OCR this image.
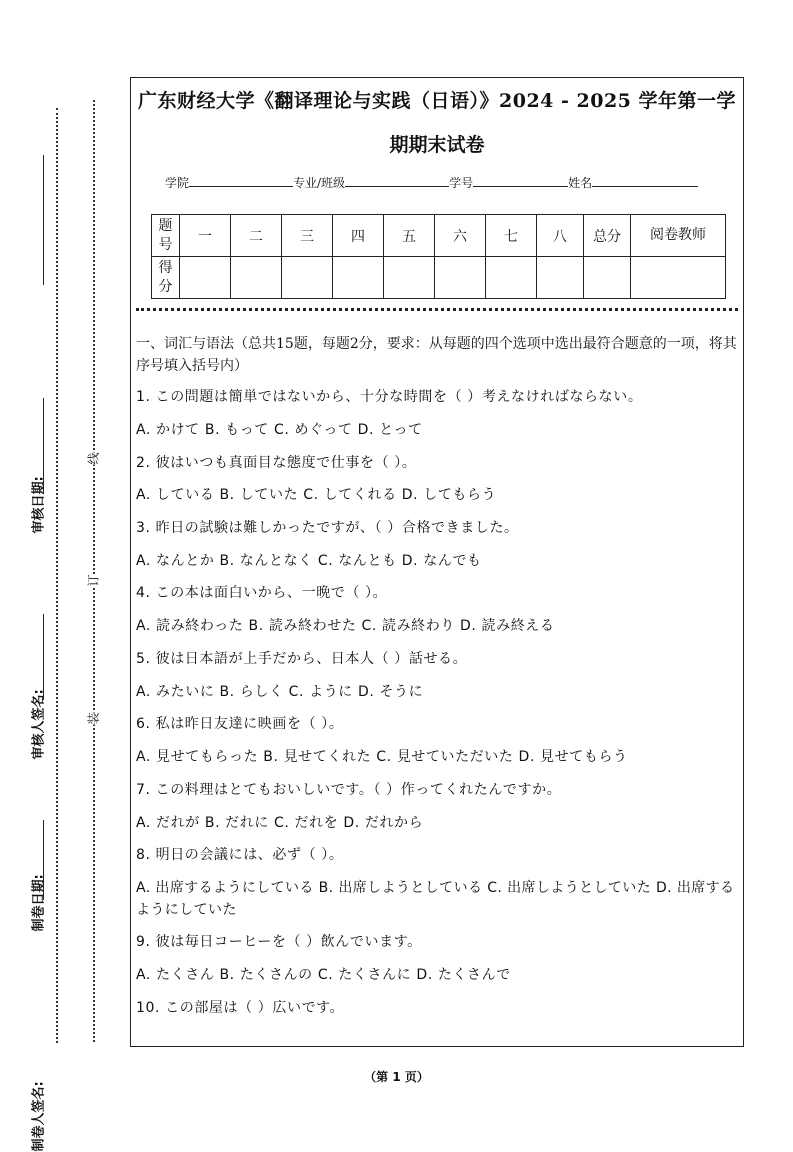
审核日期:
审核人签名:
制卷日期:
制卷人签名:
线
订
装
广东财经大学《翻译理论与实践（日语）》2024 - 2025 学年第一学
期期末试卷
学院	专业/班级	学号	姓名
题号	一	二	三	四	五	六	七	八	总分	阅卷教师
得分										
一、词汇与语法（总共15题，每题2分，要求：从每题的四个选项中选出最符合题意的一项，将其序号填入括号内）
1. この問題は簡単ではないから、十分な時間を（ ）考えなければならない。
A. かけて B. もって C. めぐって D. とって
2. 彼はいつも真面目な態度で仕事を（ ）。
A. している B. していた C. してくれる D. してもらう
3. 昨日の試験は難しかったですが、（ ）合格できました。
A. なんとか B. なんとなく C. なんとも D. なんでも
4. この本は面白いから、一晩で（ ）。
A. 読み終わった B. 読み終わせた C. 読み終わり D. 読み終える
5. 彼は日本語が上手だから、日本人（ ）話せる。
A. みたいに B. らしく C. ように D. そうに
6. 私は昨日友達に映画を（ ）。
A. 見せてもらった B. 見せてくれた C. 見せていただいた D. 見せてもらう
7. この料理はとてもおいしいです。（ ）作ってくれたんですか。
A. だれが B. だれに C. だれを D. だれから
8. 明日の会議には、必ず（ ）。
A. 出席するようにしている B. 出席しようとしている C. 出席しようとしていた D. 出席するようにしていた
9. 彼は毎日コーヒーを（ ）飲んでいます。
A. たくさん B. たくさんの C. たくさんに D. たくさんで
10. この部屋は（ ）広いです。
（第 1 页）
